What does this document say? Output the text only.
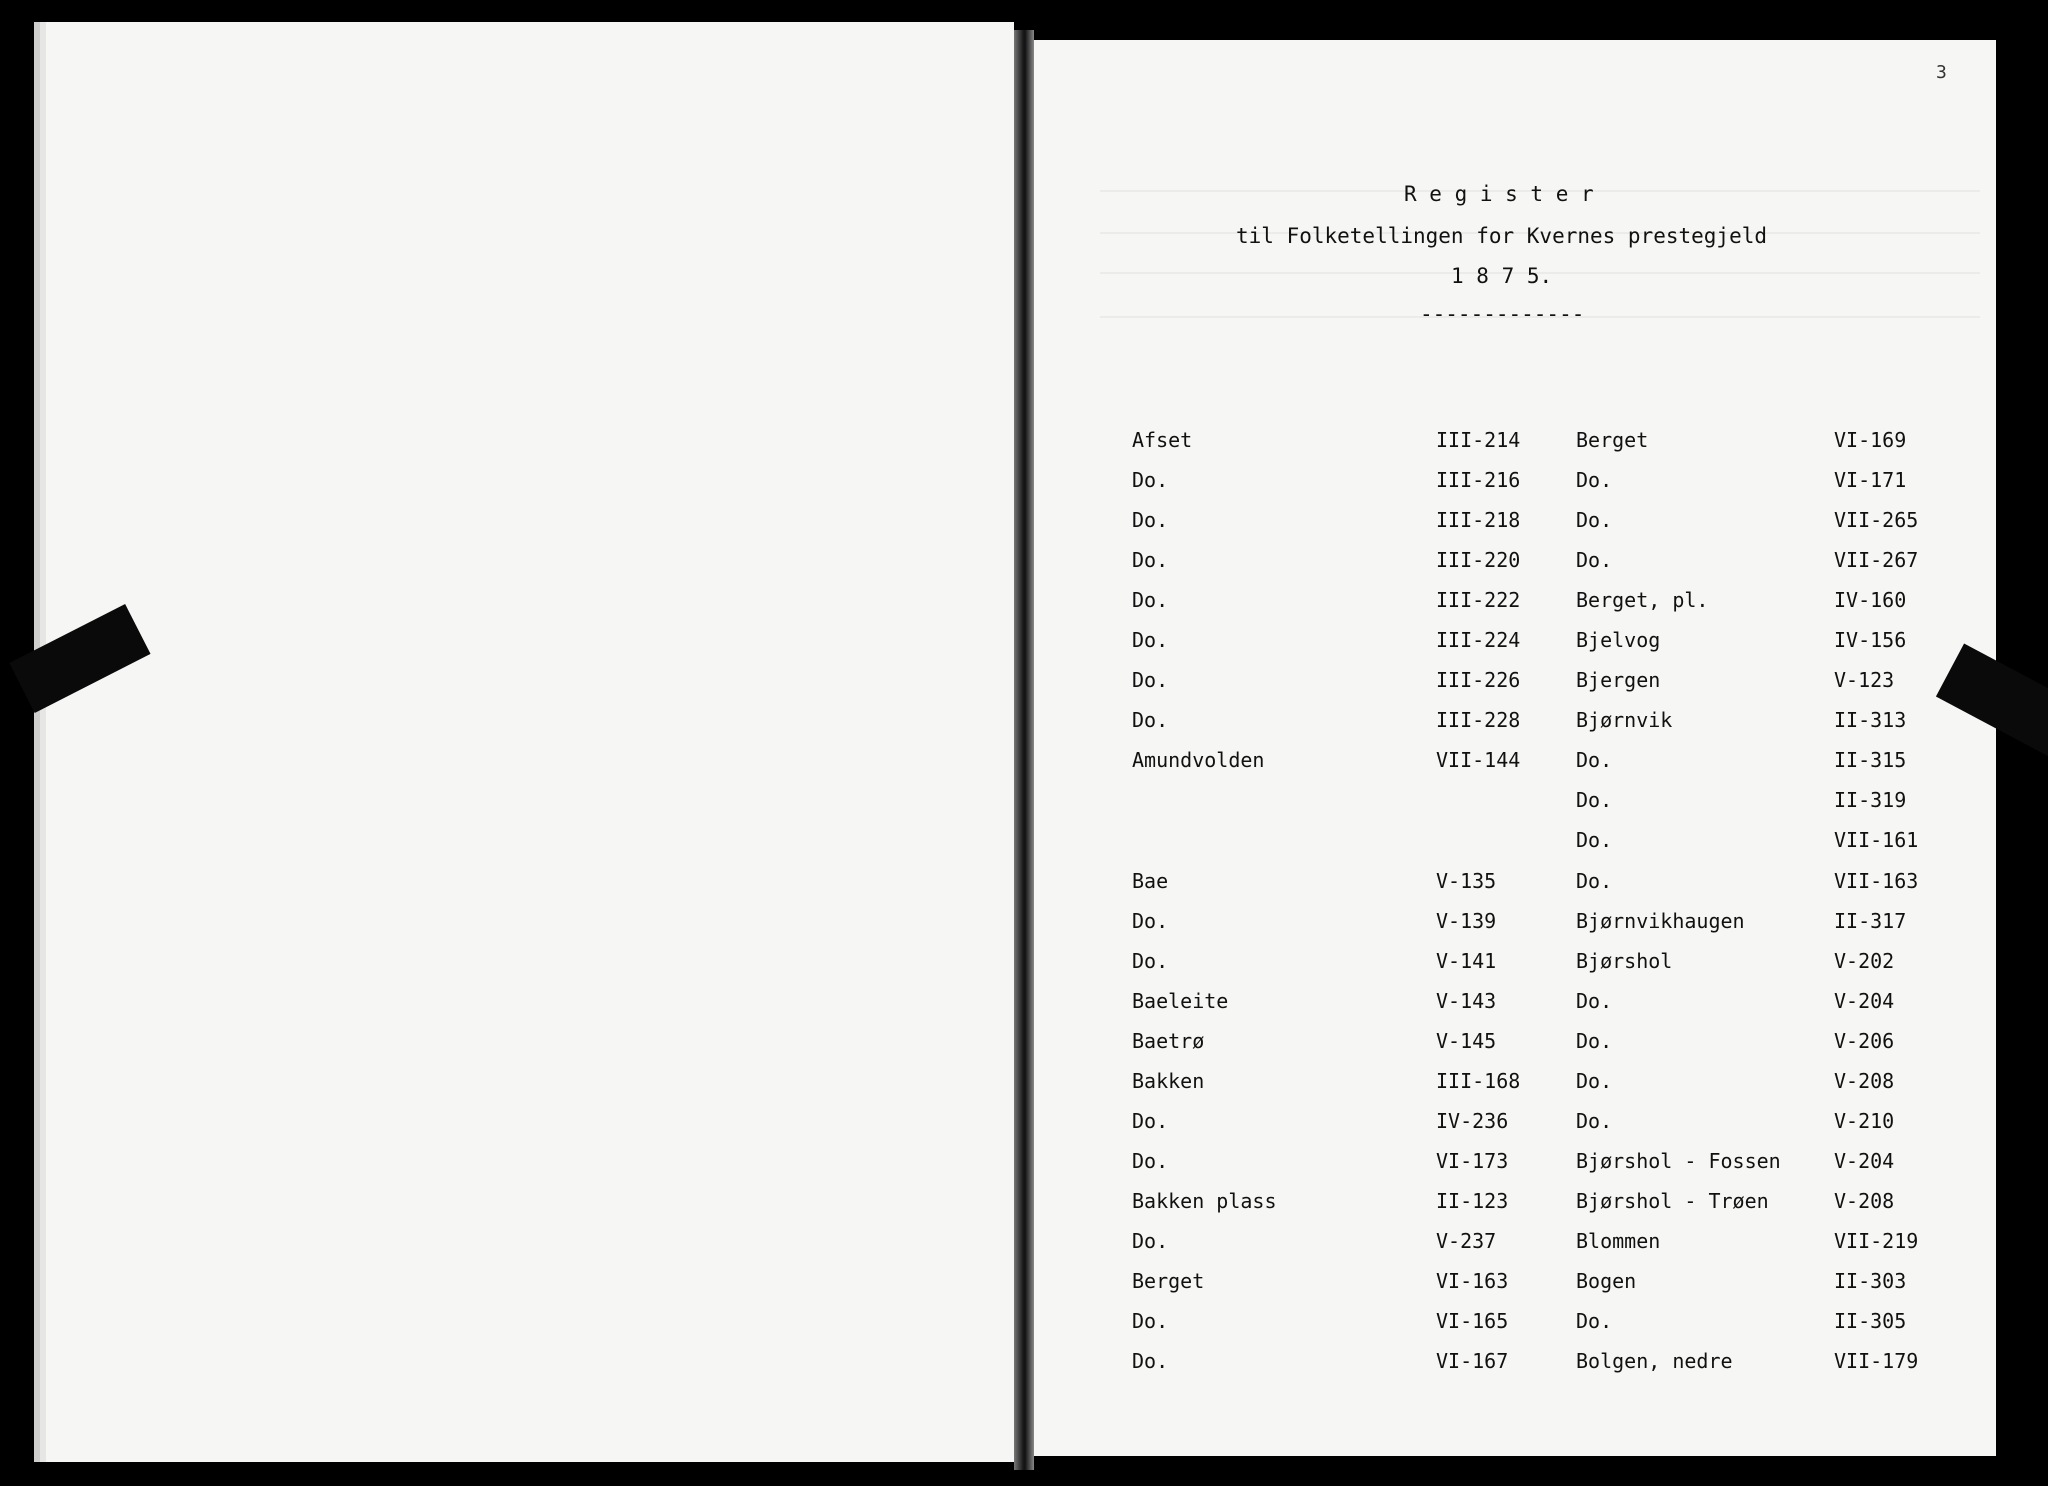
3
R e g i s t e r
til Folketellingen for Kvernes prestegjeld
1 8 7 5.
-------------
Afset	III-214
Do.	III-216
Do.	III-218
Do.	III-220
Do.	III-222
Do.	III-224
Do.	III-226
Do.	III-228
Amundvolden	VII-144
Bae	V-135
Do.	V-139
Do.	V-141
Baeleite	V-143
Baetrø	V-145
Bakken	III-168
Do.	IV-236
Do.	VI-173
Bakken plass	II-123
Do.	V-237
Berget	VI-163
Do.	VI-165
Do.	VI-167
Berget	VI-169
Do.	VI-171
Do.	VII-265
Do.	VII-267
Berget, pl.	IV-160
Bjelvog	IV-156
Bjergen	V-123
Bjørnvik	II-313
Do.	II-315
Do.	II-319
Do.	VII-161
Do.	VII-163
Bjørnvikhaugen	II-317
Bjørshol	V-202
Do.	V-204
Do.	V-206
Do.	V-208
Do.	V-210
Bjørshol - Fossen	V-204
Bjørshol - Trøen	V-208
Blommen	VII-219
Bogen	II-303
Do.	II-305
Bolgen, nedre	VII-179
